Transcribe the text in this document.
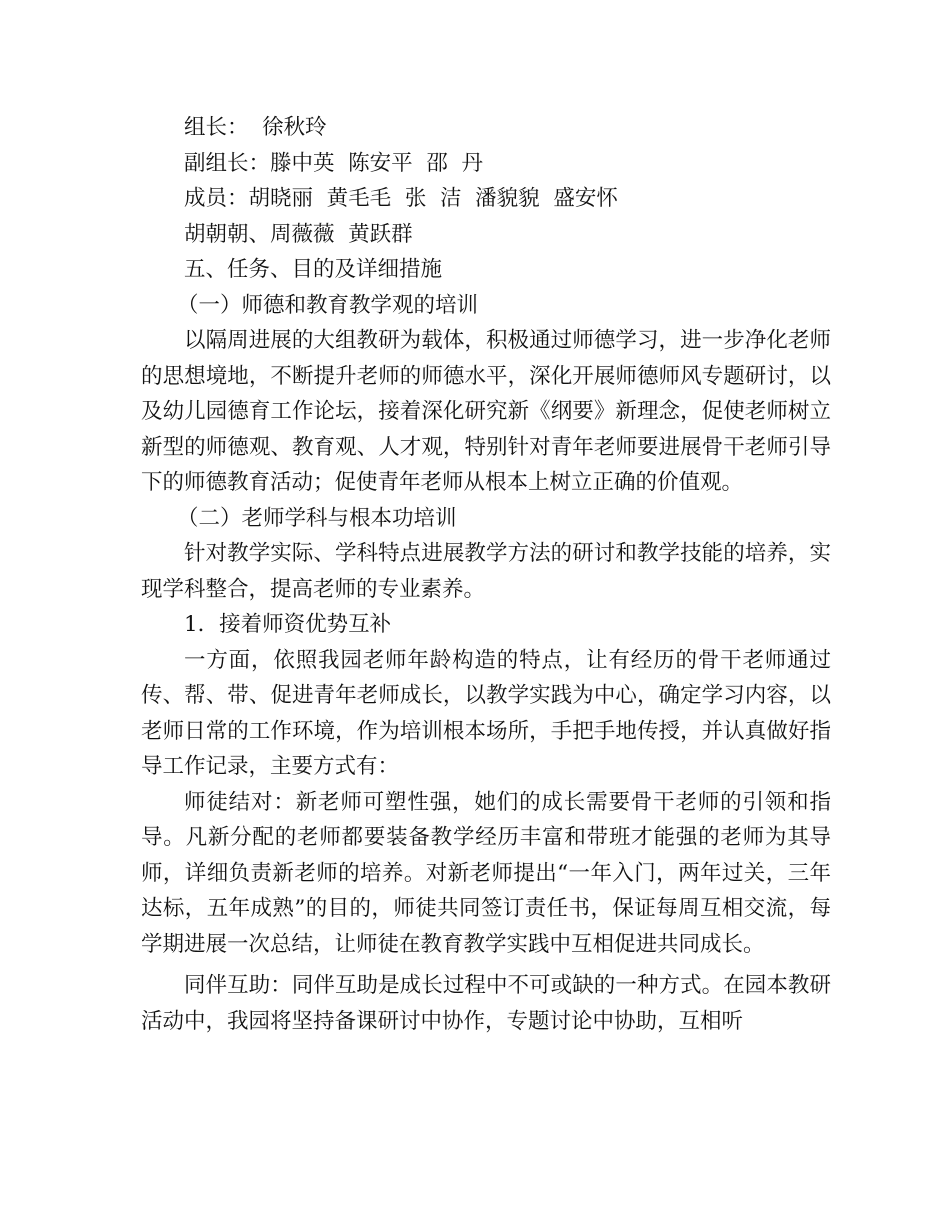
组长：  徐秋玲
副组长：滕中英  陈安平  邵  丹
成员：胡晓丽  黄毛毛  张  洁  潘貌貌  盛安怀
胡朝朝、周薇薇  黄跃群
五、任务、目的及详细措施
（一）师德和教育教学观的培训
以隔周进展的大组教研为载体，积极通过师德学习，进一步净化老师的思想境地，不断提升老师的师德水平，深化开展师德师风专题研讨，以及幼儿园德育工作论坛，接着深化研究新《纲要》新理念，促使老师树立新型的师德观、教育观、人才观，特别针对青年老师要进展骨干老师引导下的师德教育活动；促使青年老师从根本上树立正确的价值观。
（二）老师学科与根本功培训
针对教学实际、学科特点进展教学方法的研讨和教学技能的培养，实现学科整合，提高老师的专业素养。
1．接着师资优势互补
一方面，依照我园老师年龄构造的特点，让有经历的骨干老师通过传、帮、带、促进青年老师成长，以教学实践为中心，确定学习内容，以老师日常的工作环境，作为培训根本场所，手把手地传授，并认真做好指导工作记录，主要方式有：
师徒结对：新老师可塑性强，她们的成长需要骨干老师的引领和指导。凡新分配的老师都要装备教学经历丰富和带班才能强的老师为其导师，详细负责新老师的培养。对新老师提出“一年入门，两年过关，三年达标，五年成熟”的目的，师徒共同签订责任书，保证每周互相交流，每学期进展一次总结，让师徒在教育教学实践中互相促进共同成长。
同伴互助：同伴互助是成长过程中不可或缺的一种方式。在园本教研活动中，我园将坚持备课研讨中协作，专题讨论中协助，互相听
